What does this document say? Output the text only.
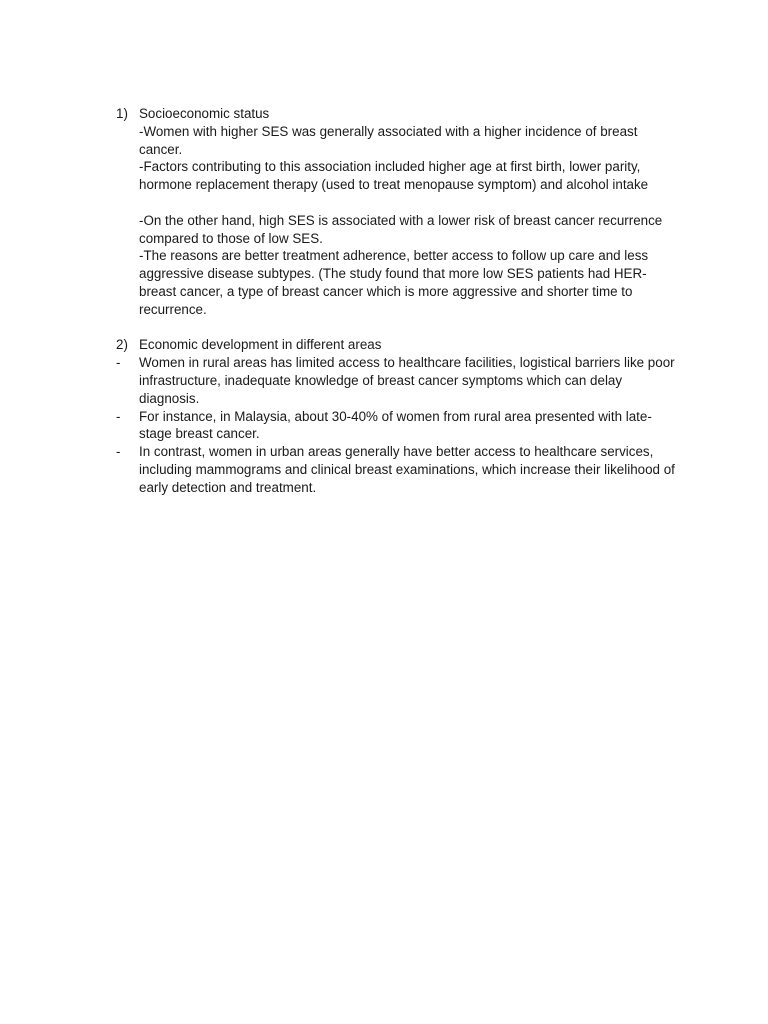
1) Socioeconomic status

-Women with higher SES was generally associated with a higher incidence of breast cancer.

-Factors contributing to this association included higher age at first birth, lower parity, hormone replacement therapy (used to treat menopause symptom) and alcohol intake

-On the other hand, high SES is associated with a lower risk of breast cancer recurrence compared to those of low SES.

-The reasons are better treatment adherence, better access to follow up care and less aggressive disease subtypes. (The study found that more low SES patients had HER- breast cancer, a type of breast cancer which is more aggressive and shorter time to recurrence.

2) Economic development in different areas
-	Women in rural areas has limited access to healthcare facilities, logistical barriers like poor infrastructure, inadequate knowledge of breast cancer symptoms which can delay diagnosis.
-	For instance, in Malaysia, about 30-40% of women from rural area presented with late-stage breast cancer.
-	In contrast, women in urban areas generally have better access to healthcare services, including mammograms and clinical breast examinations, which increase their likelihood of early detection and treatment.
